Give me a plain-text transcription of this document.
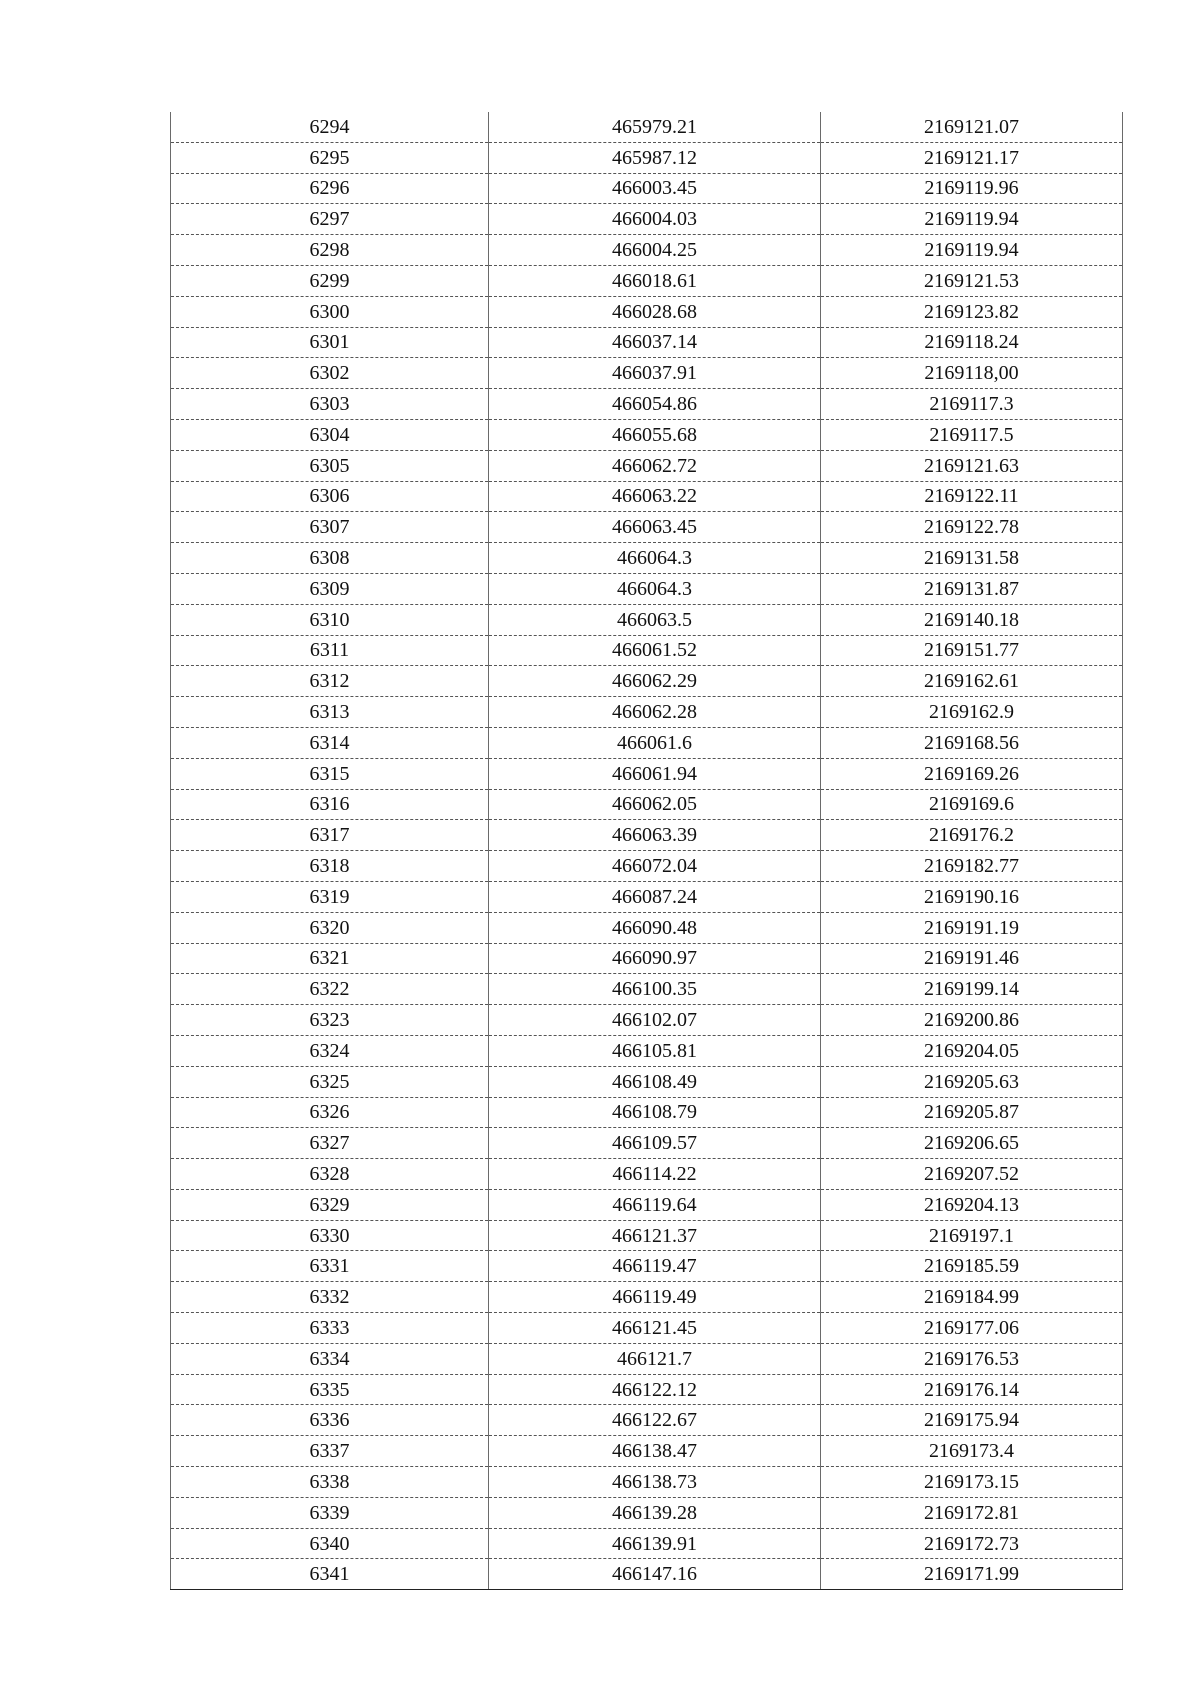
6294	465979.21	2169121.07
6295	465987.12	2169121.17
6296	466003.45	2169119.96
6297	466004.03	2169119.94
6298	466004.25	2169119.94
6299	466018.61	2169121.53
6300	466028.68	2169123.82
6301	466037.14	2169118.24
6302	466037.91	2169118,00
6303	466054.86	2169117.3
6304	466055.68	2169117.5
6305	466062.72	2169121.63
6306	466063.22	2169122.11
6307	466063.45	2169122.78
6308	466064.3	2169131.58
6309	466064.3	2169131.87
6310	466063.5	2169140.18
6311	466061.52	2169151.77
6312	466062.29	2169162.61
6313	466062.28	2169162.9
6314	466061.6	2169168.56
6315	466061.94	2169169.26
6316	466062.05	2169169.6
6317	466063.39	2169176.2
6318	466072.04	2169182.77
6319	466087.24	2169190.16
6320	466090.48	2169191.19
6321	466090.97	2169191.46
6322	466100.35	2169199.14
6323	466102.07	2169200.86
6324	466105.81	2169204.05
6325	466108.49	2169205.63
6326	466108.79	2169205.87
6327	466109.57	2169206.65
6328	466114.22	2169207.52
6329	466119.64	2169204.13
6330	466121.37	2169197.1
6331	466119.47	2169185.59
6332	466119.49	2169184.99
6333	466121.45	2169177.06
6334	466121.7	2169176.53
6335	466122.12	2169176.14
6336	466122.67	2169175.94
6337	466138.47	2169173.4
6338	466138.73	2169173.15
6339	466139.28	2169172.81
6340	466139.91	2169172.73
6341	466147.16	2169171.99
